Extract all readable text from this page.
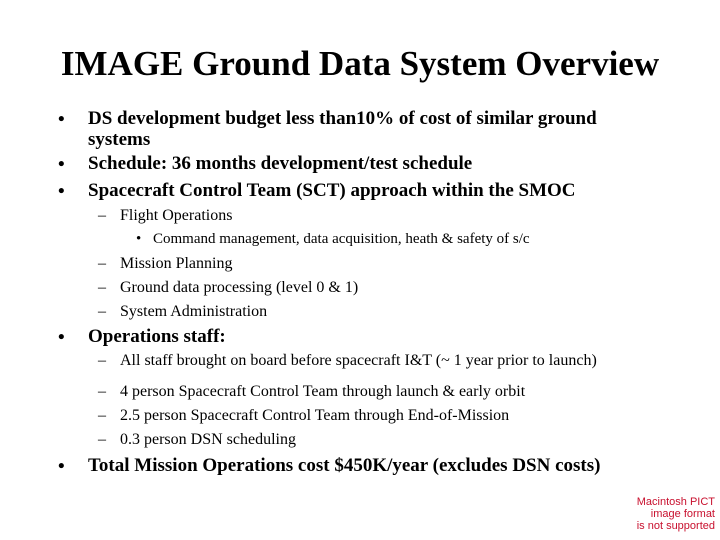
IMAGE Ground Data System Overview
• DS development budget less than10% of cost of similar ground
systems
• Schedule: 36 months development/test schedule
• Spacecraft Control Team (SCT) approach within the SMOC
– Flight Operations
• Command management, data acquisition, heath & safety of s/c
– Mission Planning
– Ground data processing (level 0 & 1)
– System Administration
• Operations staff:
– All staff brought on board before spacecraft I&T (~ 1 year prior to launch)
– 4 person Spacecraft Control Team through launch & early orbit
– 2.5 person Spacecraft Control Team through End-of-Mission
– 0.3 person DSN scheduling
• Total Mission Operations cost $450K/year (excludes DSN costs)
Macintosh PICT
image format
is not supported
